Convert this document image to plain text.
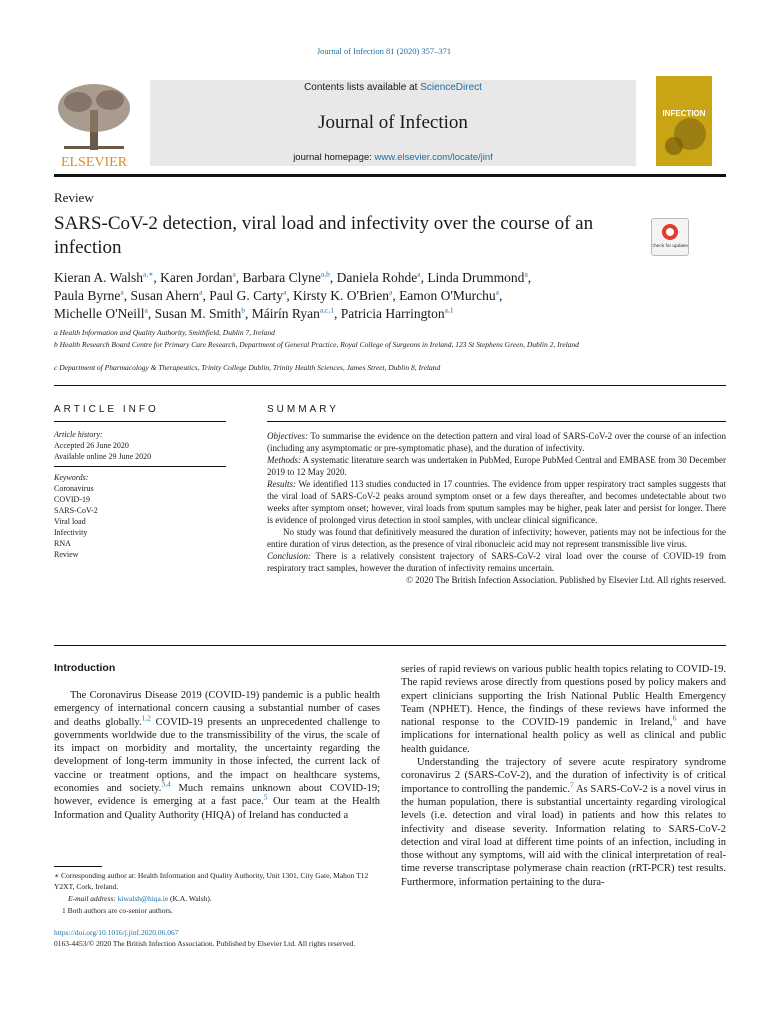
Journal of Infection 81 (2020) 357–371
ELSEVIER
Contents lists available at ScienceDirect
Journal of Infection
journal homepage: www.elsevier.com/locate/jinf
INFECTION
Review
SARS-CoV-2 detection, viral load and infectivity over the course of an infection	Check for updates
Kieran A. Walsh$^{a,∗}$, Karen Jordan$^a$, Barbara Clyne$^{a,b}$, Daniela Rohde$^a$, Linda Drummond$^a$,
Paula Byrne$^a$, Susan Ahern$^a$, Paul G. Carty$^a$, Kirsty K. O'Brien$^a$, Eamon O'Murchu$^a$,
Michelle O'Neill$^a$, Susan M. Smith$^b$, Máirín Ryan$^{a,c,1}$, Patricia Harrington$^{a,1}$
a Health Information and Quality Authority, Smithfield, Dublin 7, Ireland
b Health Research Board Centre for Primary Care Research, Department of General Practice, Royal College of Surgeons in Ireland, 123 St Stephens Green, Dublin 2, Ireland
c Department of Pharmacology & Therapeutics, Trinity College Dublin, Trinity Health Sciences, James Street, Dublin 8, Ireland
ARTICLE INFO
Article history:
Accepted 26 June 2020
Available online 29 June 2020
Keywords:
Coronavirus
COVID-19
SARS-CoV-2
Viral load
Infectivity
RNA
Review
SUMMARY

Objectives: To summarise the evidence on the detection pattern and viral load of SARS-CoV-2 over the course of an infection (including any asymptomatic or pre-symptomatic phase), and the duration of infectivity.

Methods: A systematic literature search was undertaken in PubMed, Europe PubMed Central and EMBASE from 30 December 2019 to 12 May 2020.

Results: We identified 113 studies conducted in 17 countries. The evidence from upper respiratory tract samples suggests that the viral load of SARS-CoV-2 peaks around symptom onset or a few days thereafter, and becomes undetectable about two weeks after symptom onset; however, viral loads from sputum samples may be higher, peak later and persist for longer. There is evidence of prolonged virus detection in stool samples, with unclear clinical significance.

No study was found that definitively measured the duration of infectivity; however, patients may not be infectious for the entire duration of virus detection, as the presence of viral ribonucleic acid may not represent transmissible live virus.

Conclusion: There is a relatively consistent trajectory of SARS-CoV-2 viral load over the course of COVID-19 from respiratory tract samples, however the duration of infectivity remains uncertain.

© 2020 The British Infection Association. Published by Elsevier Ltd. All rights reserved.

Introduction

The Coronavirus Disease 2019 (COVID-19) pandemic is a public health emergency of international concern causing a substantial number of cases and deaths globally.$^{1,2}$ COVID-19 presents an unprecedented challenge to governments worldwide due to the transmissibility of the virus, the scale of its impact on morbidity and mortality, the uncertainty regarding the development of long-term immunity in those infected, the current lack of vaccine or treatment options, and the impact on healthcare systems, economies and society.$^{3,4}$ Much remains unknown about COVID-19; however, evidence is emerging at a fast pace.$^5$ Our team at the Health Information and Quality Authority (HIQA) of Ireland has conducted a

series of rapid reviews on various public health topics relating to COVID-19. The rapid reviews arose directly from questions posed by policy makers and expert clinicians supporting the Irish National Public Health Emergency Team (NPHET). Hence, the findings of these reviews have informed the national response to the COVID-19 pandemic in Ireland,$^6$ and have implications for international health policy as well as clinical and public health guidance.

Understanding the trajectory of severe acute respiratory syndrome coronavirus 2 (SARS-CoV-2), and the duration of infectivity is of critical importance to controlling the pandemic.$^7$ As SARS-CoV-2 is a novel virus in the human population, there is substantial uncertainty regarding virological levels (i.e. detection and viral load) in patients and how this relates to infectivity and disease severity. Information relating to SARS-CoV-2 detection and viral load at different time points of an infection, including in those without any symptoms, will aid with the clinical interpretation of real-time reverse transcriptase polymerase chain reaction (rRT-PCR) test results. Furthermore, information pertaining to the dura-

∗ Corresponding author at: Health Information and Quality Authority, Unit 1301, City Gate, Mahon T12 Y2XT, Cork, Ireland.
E-mail address: kiwalsh@hiqa.ie (K.A. Walsh).
1 Both authors are co-senior authors.
https://doi.org/10.1016/j.jinf.2020.06.067
0163-4453/© 2020 The British Infection Association. Published by Elsevier Ltd. All rights reserved.
